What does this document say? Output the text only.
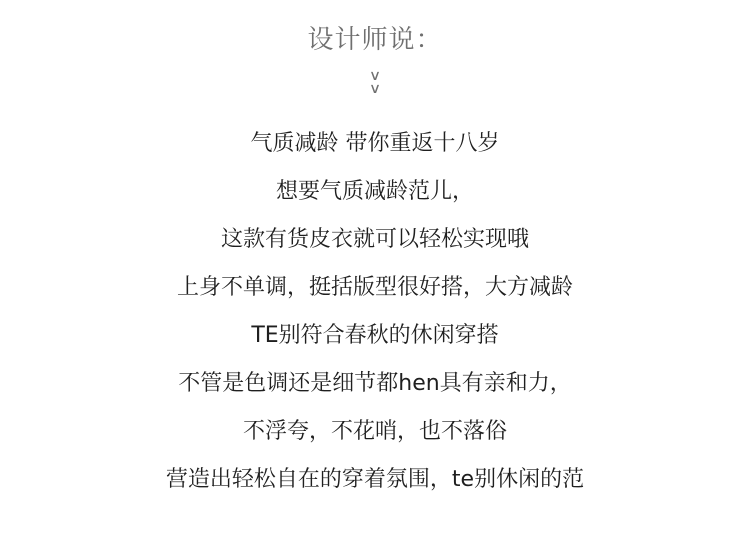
设计师说：
∨
∨
气质减龄 带你重返十八岁
想要气质减龄范儿，
这款有货皮衣就可以轻松实现哦
上身不单调，挺括版型很好搭，大方减龄
TE别符合春秋的休闲穿搭
不管是色调还是细节都hen具有亲和力，
不浮夸，不花哨，也不落俗
营造出轻松自在的穿着氛围，te别休闲的范
